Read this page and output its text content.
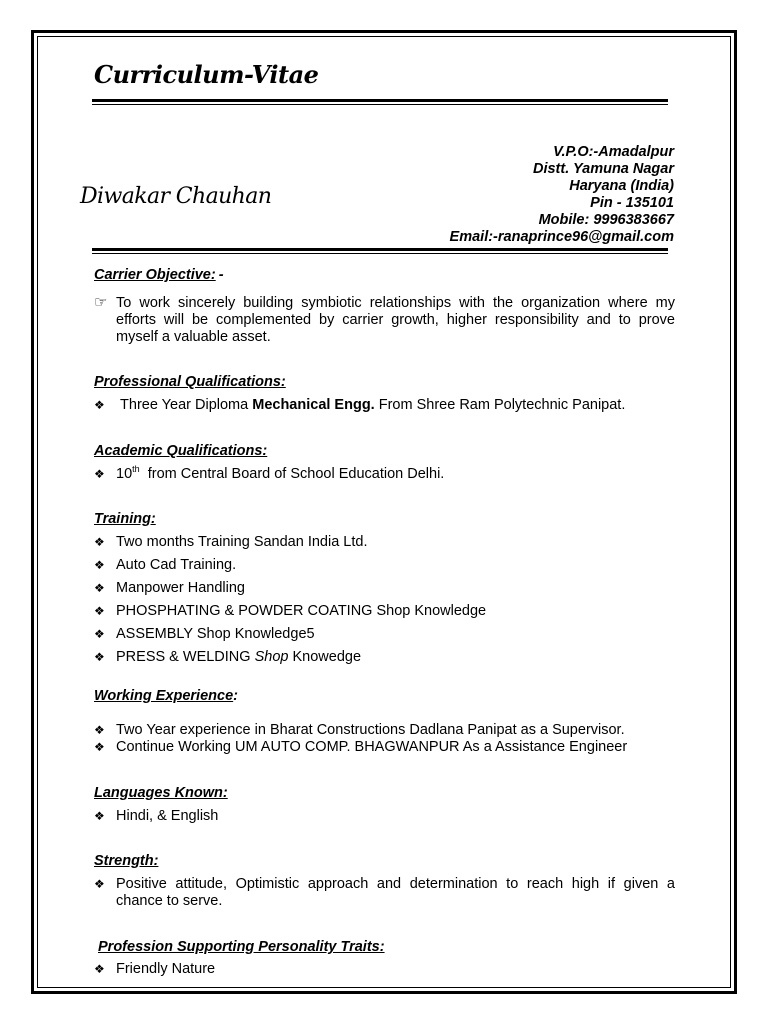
Curriculum-Vitae
Diwakar Chauhan
V.P.O:-Amadalpur
Distt. Yamuna Nagar
Haryana (India)
Pin - 135101
Mobile: 9996383667
Email:-ranaprince96@gmail.com
Carrier Objective: -
☞ To work sincerely building symbiotic relationships with the organization where my efforts will be complemented by carrier growth, higher responsibility and to prove myself a valuable asset.
Professional Qualifications:
❖ Three Year Diploma Mechanical Engg. From Shree Ram Polytechnic Panipat.
Academic Qualifications:
❖ 10th from Central Board of School Education Delhi.
Training:
❖ Two months Training Sandan India Ltd.
❖ Auto Cad Training.
❖ Manpower Handling
❖ PHOSPHATING & POWDER COATING Shop Knowledge
❖ ASSEMBLY Shop Knowledge5
❖ PRESS & WELDING Shop Knowedge
Working Experience:
❖ Two Year experience in Bharat Constructions Dadlana Panipat as a Supervisor.
❖ Continue Working UM AUTO COMP. BHAGWANPUR As a Assistance Engineer
Languages Known:
❖ Hindi, & English
Strength:
❖ Positive attitude, Optimistic approach and determination to reach high if given a chance to serve.
Profession Supporting Personality Traits:
❖ Friendly Nature
